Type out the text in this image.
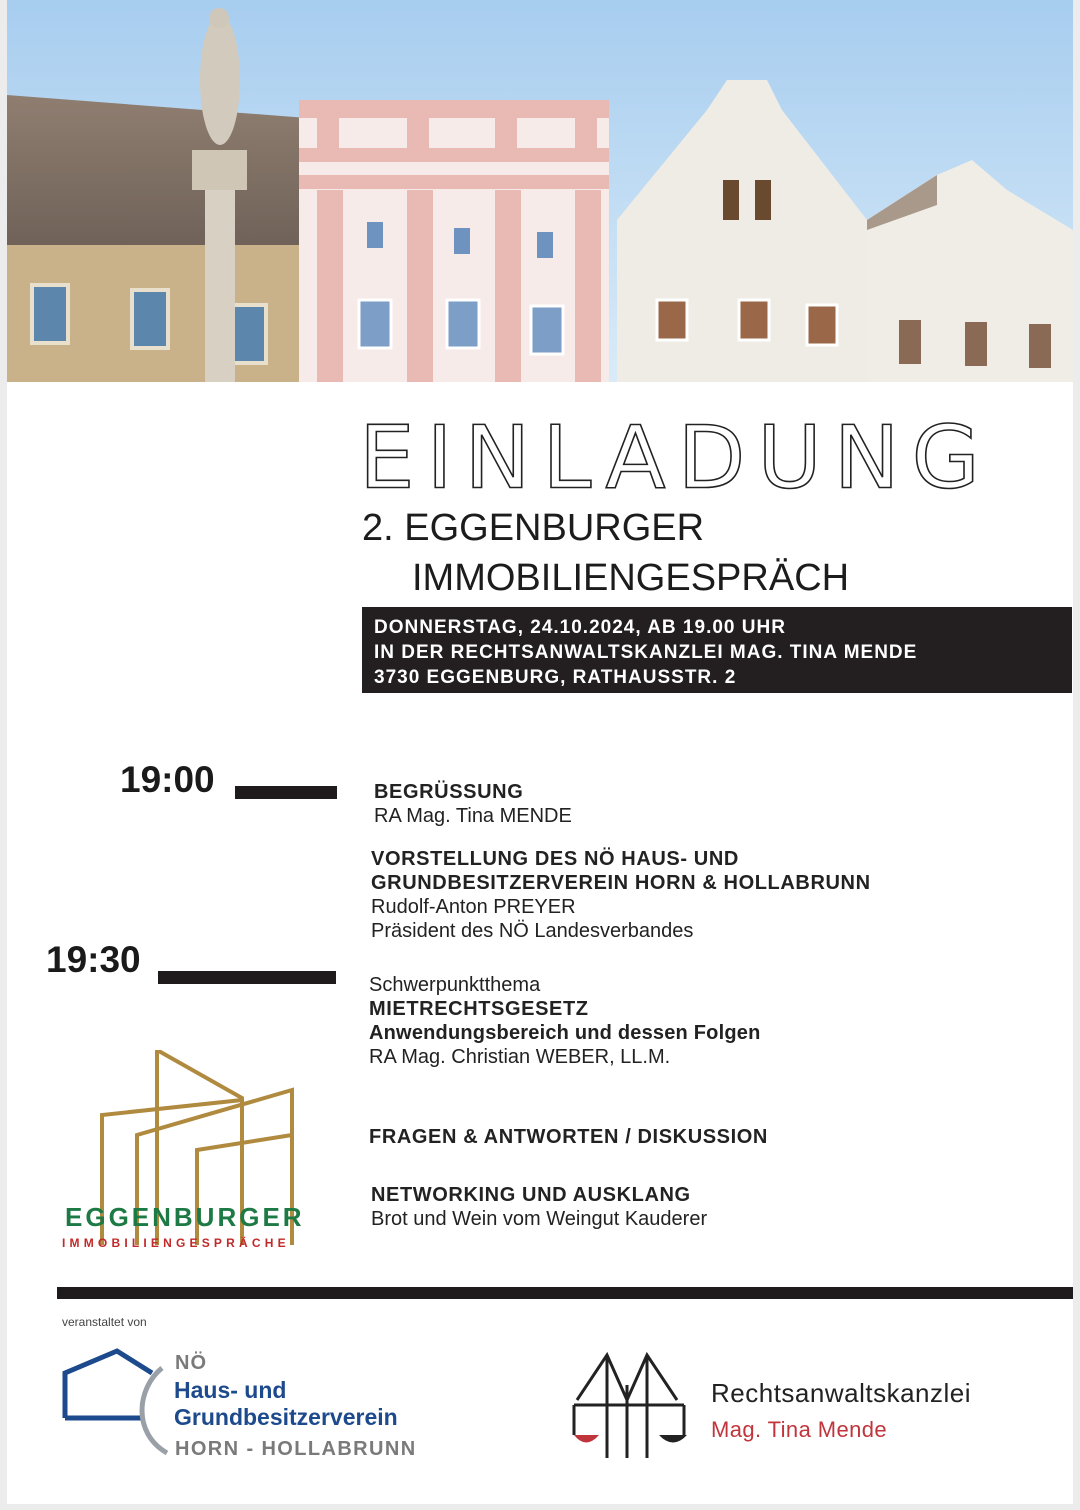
EINLADUNG
2. EGGENBURGER
IMMOBILIENGESPRÄCH
DONNERSTAG, 24.10.2024, AB 19.00 UHR
IN DER RECHTSANWALTSKANZLEI MAG. TINA MENDE
3730 EGGENBURG, RATHAUSSTR. 2
19:00
19:30
BEGRÜSSUNG
RA Mag. Tina MENDE
VORSTELLUNG DES NÖ HAUS- UND
GRUNDBESITZERVEREIN HORN & HOLLABRUNN
Rudolf-Anton PREYER
Präsident des NÖ Landesverbandes
Schwerpunktthema
MIETRECHTSGESETZ
Anwendungsbereich und dessen Folgen
RA Mag. Christian WEBER, LL.M.
FRAGEN & ANTWORTEN / DISKUSSION
NETWORKING UND AUSKLANG
Brot und Wein vom Weingut Kauderer
EGGENBURGER
IMMOBILIENGESPRÄCHE
veranstaltet von
NÖ
Haus- und
Grundbesitzerverein
HORN - HOLLABRUNN
Rechtsanwaltskanzlei
Mag. Tina Mende
